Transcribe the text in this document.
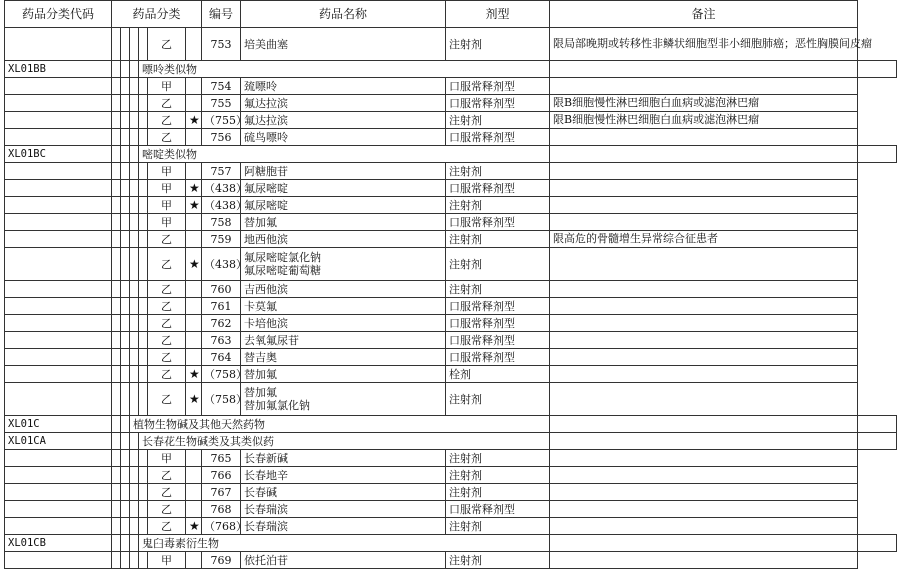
药品分类代码	药品分类						编号	药品名称	剂型	备注	
					乙		753	培美曲塞	注射剂	限局部晚期或转移性非鳞状细胞型非小细胞肺癌；恶性胸膜间皮瘤	
XL01BB				嘌呤类似物							
					甲		754	巯嘌呤	口服常释剂型		
					乙		755	氟达拉滨	口服常释剂型	限B细胞慢性淋巴细胞白血病或滤泡淋巴瘤	
					乙	★	（755）	氟达拉滨	注射剂	限B细胞慢性淋巴细胞白血病或滤泡淋巴瘤	
					乙		756	硫鸟嘌呤	口服常释剂型		
XL01BC				嘧啶类似物							
					甲		757	阿糖胞苷	注射剂		
					甲	★	（438）	氟尿嘧啶	口服常释剂型		
					甲	★	（438）	氟尿嘧啶	注射剂		
					甲		758	替加氟	口服常释剂型		
					乙		759	地西他滨	注射剂	限高危的骨髓增生异常综合征患者	
					乙	★	（438）	氟尿嘧啶氯化钠
氟尿嘧啶葡萄糖	注射剂		
					乙		760	吉西他滨	注射剂		
					乙		761	卡莫氟	口服常释剂型		
					乙		762	卡培他滨	口服常释剂型		
					乙		763	去氧氟尿苷	口服常释剂型		
					乙		764	替吉奥	口服常释剂型		
					乙	★	（758）	替加氟	栓剂		
					乙	★	（758）	替加氟
替加氟氯化钠	注射剂		
XL01C			植物生物碱及其他天然药物								
XL01CA				长春花生物碱类及其类似药							
					甲		765	长春新碱	注射剂		
					乙		766	长春地辛	注射剂		
					乙		767	长春碱	注射剂		
					乙		768	长春瑞滨	口服常释剂型		
					乙	★	（768）	长春瑞滨	注射剂		
XL01CB				鬼臼毒素衍生物							
					甲		769	依托泊苷	注射剂		
